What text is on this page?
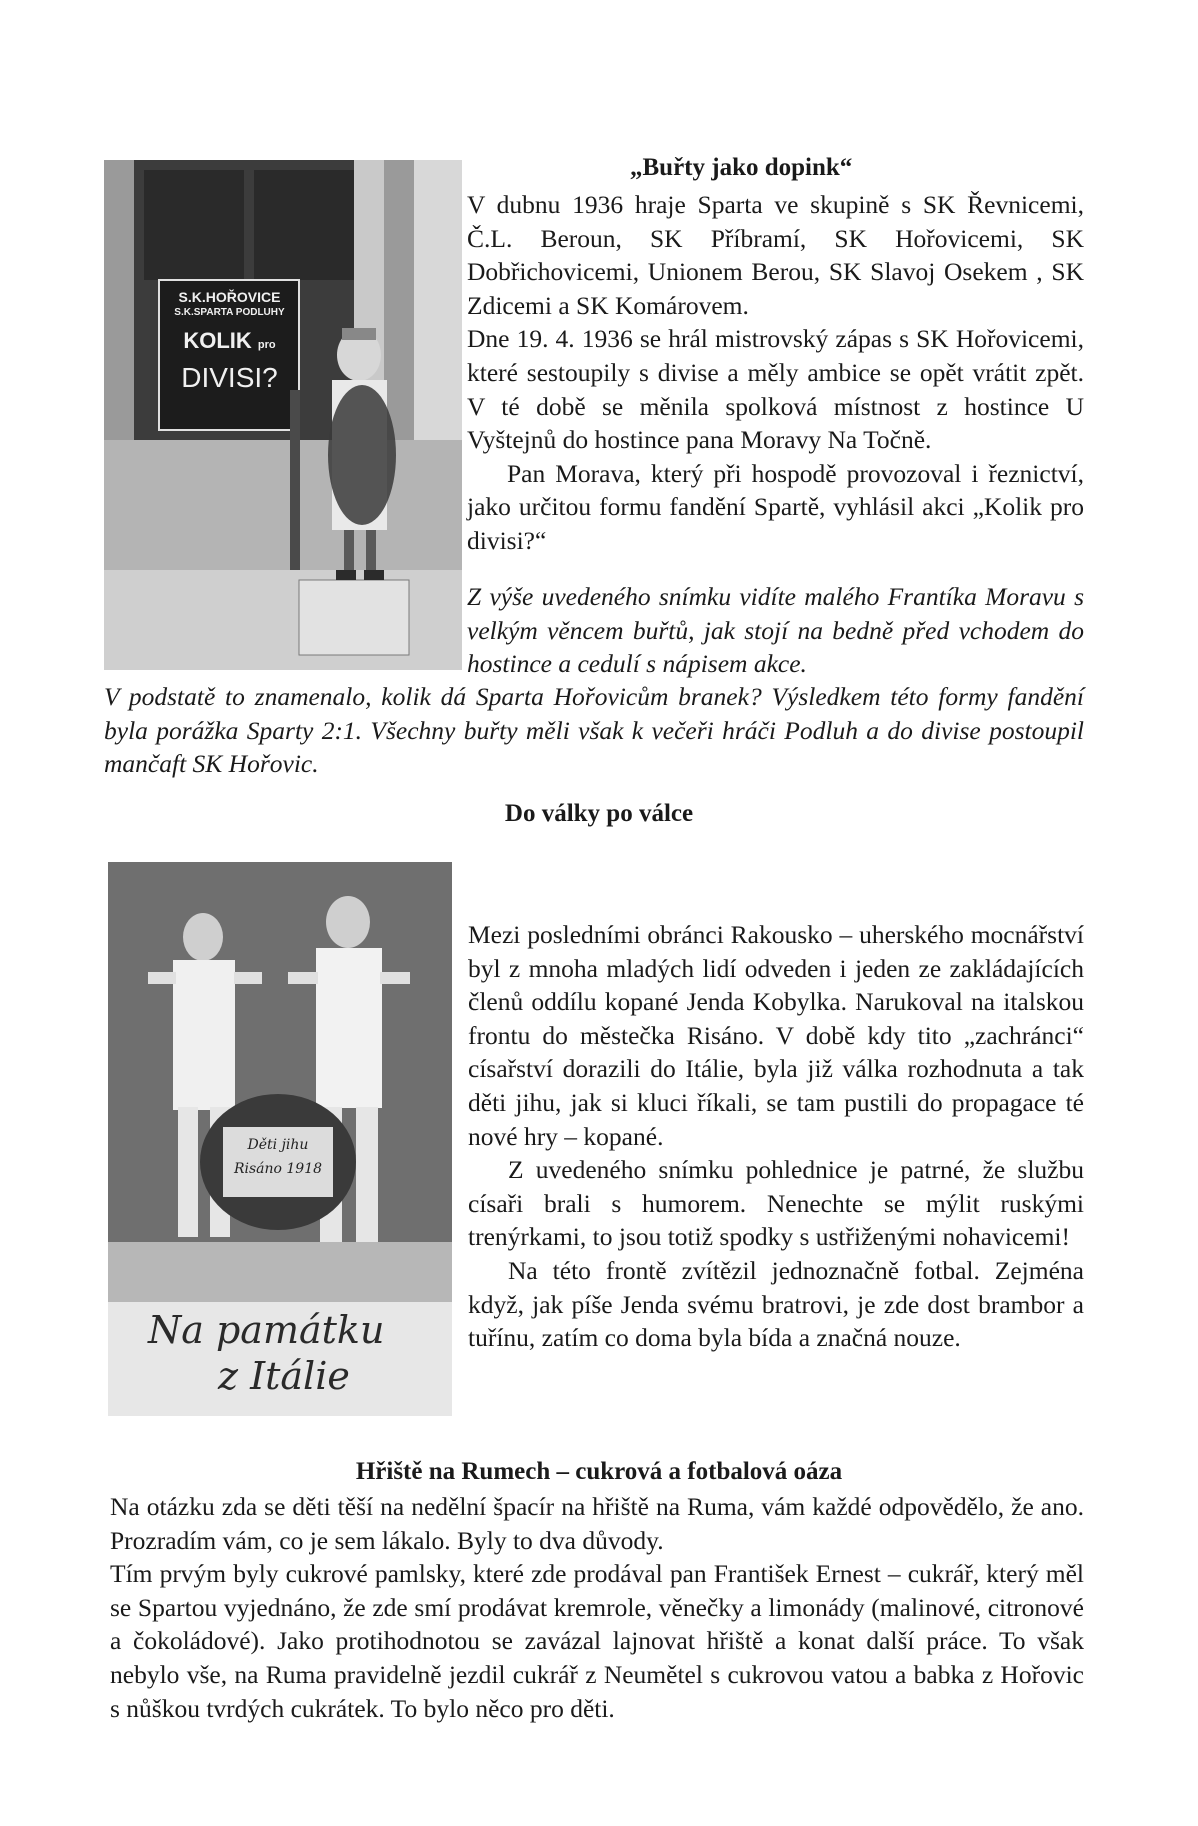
S.K.HOŘOVICE
S.K.SPARTA PODLUHY
KOLIK pro
DIVISI?
„Buřty jako dopink“

V dubnu 1936 hraje Sparta ve skupině s SK Řevnicemi, Č.L. Beroun, SK Příbramí, SK Hořovicemi, SK Dobřichovicemi, Unionem Berou, SK Slavoj Osekem , SK Zdicemi a SK Komárovem.

Dne 19. 4. 1936 se hrál mistrovský zápas s SK Hořovicemi, které sestoupily s divise a měly ambice se opět vrátit zpět. V té době se měnila spolková místnost z hostince U Vyštejnů do hostince pana Moravy Na Točně.

Pan Morava, který při hospodě provozoval i řeznictví, jako určitou formu fandění Spartě, vyhlásil akci „Kolik pro divisi?“

Z výše uvedeného snímku vidíte malého Frantíka Moravu s velkým věncem buřtů, jak stojí na bedně před vchodem do hostince a cedulí s nápisem akce.
V podstatě to znamenalo, kolik dá Sparta Hořovicům branek? Výsledkem této formy fandění byla porážka Sparty 2:1. Všechny buřty měli však k večeři hráči Podluh a do divise postoupil mančaft SK Hořovic.
Do války po válce
Děti jihu
Risáno 1918
Na památku
z Itálie

Mezi posledními obránci Rakousko – uherského mocnářství byl z mnoha mladých lidí odveden i jeden ze zakládajících členů oddílu kopané Jenda Kobylka. Narukoval na italskou frontu do městečka Risáno. V době kdy tito „zachránci“ císařství dorazili do Itálie, byla již válka rozhodnuta a tak děti jihu, jak si kluci říkali, se tam pustili do propagace té nové hry – kopané.

Z uvedeného snímku pohlednice je patrné, že službu císaři brali s humorem. Nenechte se mýlit ruskými trenýrkami, to jsou totiž spodky s ustřiženými nohavicemi!

Na této frontě zvítězil jednoznačně fotbal. Zejména když, jak píše Jenda svému bratrovi, je zde dost brambor a tuřínu, zatím co doma byla bída a značná nouze.

Hřiště na Rumech – cukrová a fotbalová oáza

Na otázku zda se děti těší na nedělní špacír na hřiště na Ruma, vám každé odpovědělo, že ano. Prozradím vám, co je sem lákalo. Byly to dva důvody.

Tím prvým byly cukrové pamlsky, které zde prodával pan František Ernest – cukrář, který měl se Spartou vyjednáno, že zde smí prodávat kremrole, věnečky a limonády (malinové, citronové a čokoládové). Jako protihodnotou se zavázal lajnovat hřiště a konat další práce. To však nebylo vše, na Ruma pravidelně jezdil cukrář z Neumětel s cukrovou vatou a babka z Hořovic s nůškou tvrdých cukrátek. To bylo něco pro děti.
